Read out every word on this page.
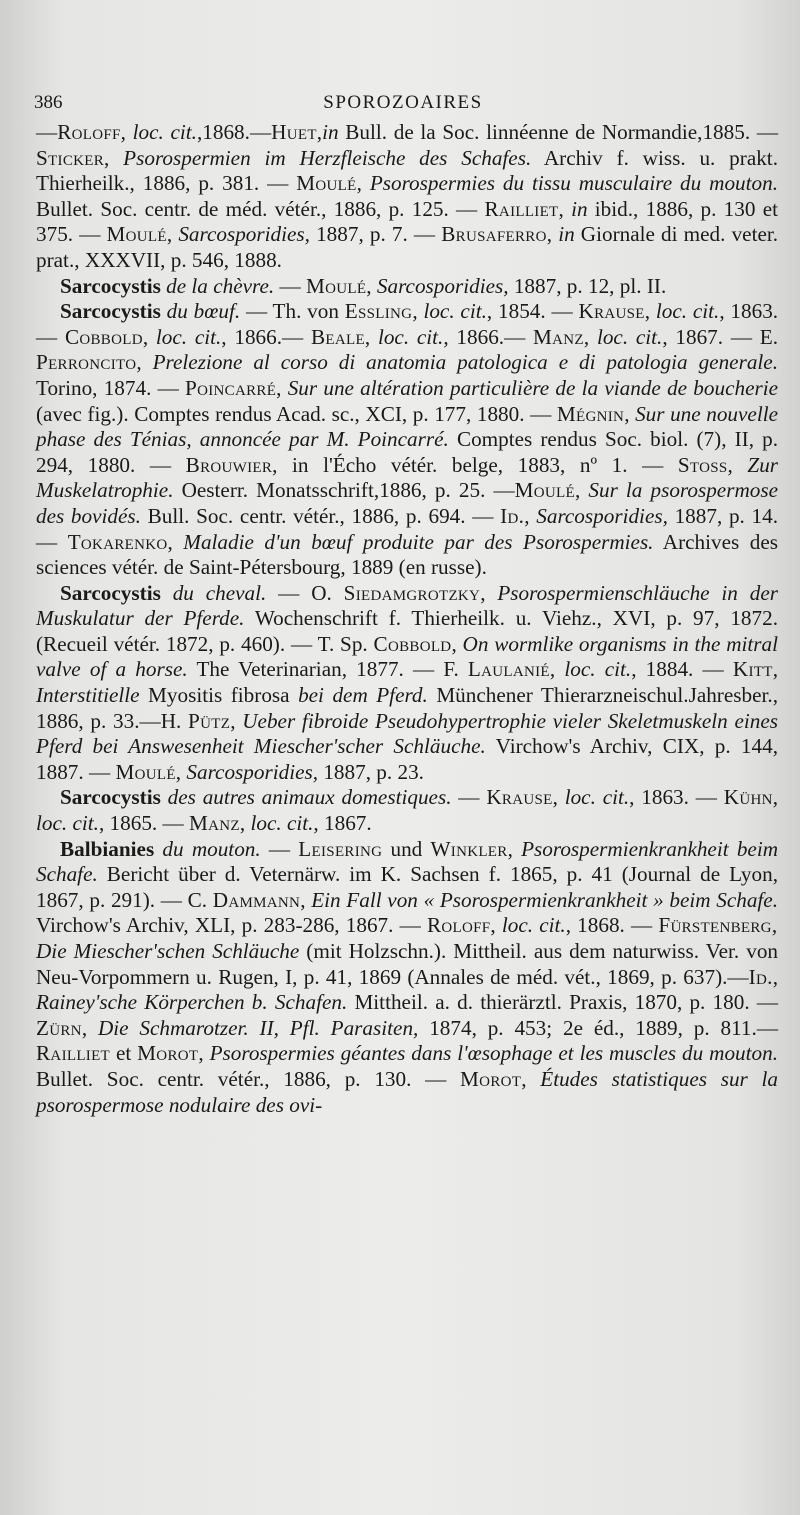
386	SPOROZOAIRES

—Roloff, loc. cit.,1868.—Huet,in Bull. de la Soc. linnéenne de Normandie,1885. — Sticker, Psorospermien im Herzfleische des Schafes. Archiv f. wiss. u. prakt. Thierheilk., 1886, p. 381. — Moulé, Psorospermies du tissu musculaire du mouton. Bullet. Soc. centr. de méd. vétér., 1886, p. 125. — Railliet, in ibid., 1886, p. 130 et 375. — Moulé, Sarcosporidies, 1887, p. 7. — Brusaferro, in Giornale di med. veter. prat., XXXVII, p. 546, 1888.

Sarcocystis de la chèvre. — Moulé, Sarcosporidies, 1887, p. 12, pl. II.

Sarcocystis du bœuf. — Th. von Essling, loc. cit., 1854. — Krause, loc. cit., 1863. — Cobbold, loc. cit., 1866.— Beale, loc. cit., 1866.— Manz, loc. cit., 1867. — E. Perroncito, Prelezione al corso di anatomia patologica e di patologia generale. Torino, 1874. — Poincarré, Sur une altération particulière de la viande de boucherie (avec fig.). Comptes rendus Acad. sc., XCI, p. 177, 1880. — Mégnin, Sur une nouvelle phase des Ténias, annoncée par M. Poincarré. Comptes rendus Soc. biol. (7), II, p. 294, 1880. — Brouwier, in l'Écho vétér. belge, 1883, nº 1. — Stoss, Zur Muskelatrophie. Oesterr. Monatsschrift,1886, p. 25. —Moulé, Sur la psorospermose des bovidés. Bull. Soc. centr. vétér., 1886, p. 694. — Id., Sarcosporidies, 1887, p. 14. — Tokarenko, Maladie d'un bœuf produite par des Psorospermies. Archives des sciences vétér. de Saint-Pétersbourg, 1889 (en russe).

Sarcocystis du cheval. — O. Siedamgrotzky, Psorospermienschläuche in der Muskulatur der Pferde. Wochenschrift f. Thierheilk. u. Viehz., XVI, p. 97, 1872. (Recueil vétér. 1872, p. 460). — T. Sp. Cobbold, On wormlike organisms in the mitral valve of a horse. The Veterinarian, 1877. — F. Laulanié, loc. cit., 1884. — Kitt, Interstitielle Myositis fibrosa bei dem Pferd. Münchener Thierarzneischul.Jahresber., 1886, p. 33.—H. Pütz, Ueber fibroide Pseudohypertrophie vieler Skeletmuskeln eines Pferd bei Answesenheit Miescher'scher Schläuche. Virchow's Archiv, CIX, p. 144, 1887. — Moulé, Sarcosporidies, 1887, p. 23.

Sarcocystis des autres animaux domestiques. — Krause, loc. cit., 1863. — Kühn, loc. cit., 1865. — Manz, loc. cit., 1867.

Balbianies du mouton. — Leisering und Winkler, Psorospermienkrankheit beim Schafe. Bericht über d. Veternärw. im K. Sachsen f. 1865, p. 41 (Journal de Lyon, 1867, p. 291). — C. Dammann, Ein Fall von « Psorospermienkrankheit » beim Schafe. Virchow's Archiv, XLI, p. 283-286, 1867. — Roloff, loc. cit., 1868. — Fürstenberg, Die Miescher'schen Schläuche (mit Holzschn.). Mittheil. aus dem naturwiss. Ver. von Neu-Vorpommern u. Rugen, I, p. 41, 1869 (Annales de méd. vét., 1869, p. 637).—Id., Rainey'sche Körperchen b. Schafen. Mittheil. a. d. thierärztl. Praxis, 1870, p. 180. — Zürn, Die Schmarotzer. II, Pfl. Parasiten, 1874, p. 453; 2e éd., 1889, p. 811.— Railliet et Morot, Psorospermies géantes dans l'œsophage et les muscles du mouton. Bullet. Soc. centr. vétér., 1886, p. 130. — Morot, Études statistiques sur la psorospermose nodulaire des ovi-
